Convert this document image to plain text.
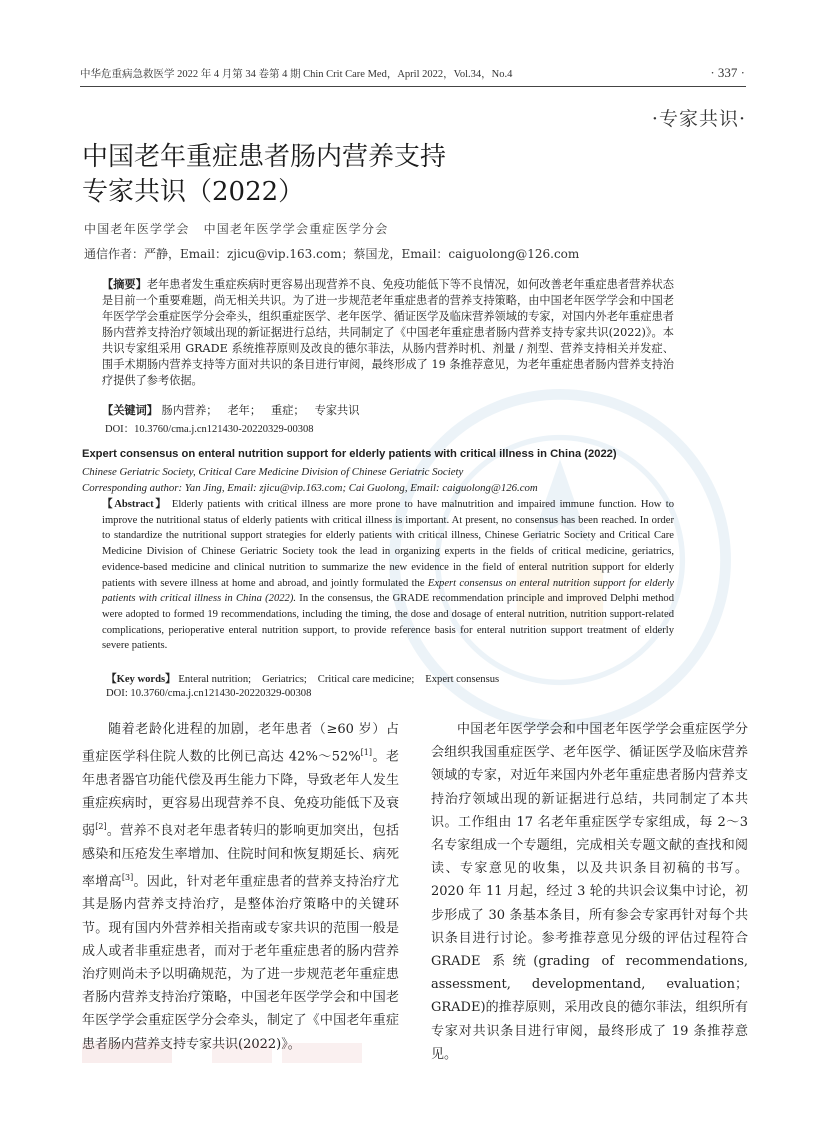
中华危重病急救医学 2022 年 4 月第 34 卷第 4 期 Chin Crit Care Med，April 2022，Vol.34，No.4	· 337 ·
·专家共识·
中国老年重症患者肠内营养支持
专家共识（2022）
中国老年医学学会 中国老年医学学会重症医学分会
通信作者：严静，Email：zjicu@vip.163.com；蔡国龙，Email：caiguolong@126.com
【摘要】老年患者发生重症疾病时更容易出现营养不良、免疫功能低下等不良情况，如何改善老年重症患者营养状态是目前一个重要难题，尚无相关共识。为了进一步规范老年重症患者的营养支持策略，由中国老年医学学会和中国老年医学学会重症医学分会牵头，组织重症医学、老年医学、循证医学及临床营养领域的专家，对国内外老年重症患者肠内营养支持治疗领域出现的新证据进行总结，共同制定了《中国老年重症患者肠内营养支持专家共识(2022)》。本共识专家组采用 GRADE 系统推荐原则及改良的德尔菲法，从肠内营养时机、剂量 / 剂型、营养支持相关并发症、围手术期肠内营养支持等方面对共识的条目进行审阅，最终形成了 19 条推荐意见，为老年重症患者肠内营养支持治疗提供了参考依据。
【关键词】 肠内营养； 老年； 重症； 专家共识
DOI：10.3760/cma.j.cn121430-20220329-00308
Expert consensus on enteral nutrition support for elderly patients with critical illness in China (2022)
Chinese Geriatric Society, Critical Care Medicine Division of Chinese Geriatric Society
Corresponding author: Yan Jing, Email: zjicu@vip.163.com; Cai Guolong, Email: caiguolong@126.com
【Abstract】 Elderly patients with critical illness are more prone to have malnutrition and impaired immune function. How to improve the nutritional status of elderly patients with critical illness is important. At present, no consensus has been reached. In order to standardize the nutritional support strategies for elderly patients with critical illness, Chinese Geriatric Society and Critical Care Medicine Division of Chinese Geriatric Society took the lead in organizing experts in the fields of critical medicine, geriatrics, evidence-based medicine and clinical nutrition to summarize the new evidence in the field of enteral nutrition support for elderly patients with severe illness at home and abroad, and jointly formulated the Expert consensus on enteral nutrition support for elderly patients with critical illness in China (2022). In the consensus, the GRADE recommendation principle and improved Delphi method were adopted to formed 19 recommendations, including the timing, the dose and dosage of enteral nutrition, nutrition support-related complications, perioperative enteral nutrition support, to provide reference basis for enteral nutrition support treatment of elderly severe patients.
【Key words】 Enteral nutrition; Geriatrics; Critical care medicine; Expert consensus
DOI: 10.3760/cma.j.cn121430-20220329-00308

随着老龄化进程的加剧，老年患者（≥60 岁）占重症医学科住院人数的比例已高达 42%～52%[1]。老年患者器官功能代偿及再生能力下降，导致老年人发生重症疾病时，更容易出现营养不良、免疫功能低下及衰弱[2]。营养不良对老年患者转归的影响更加突出，包括感染和压疮发生率增加、住院时间和恢复期延长、病死率增高[3]。因此，针对老年重症患者的营养支持治疗尤其是肠内营养支持治疗，是整体治疗策略中的关键环节。现有国内外营养相关指南或专家共识的范围一般是成人或者非重症患者，而对于老年重症患者的肠内营养治疗则尚未予以明确规范，为了进一步规范老年重症患者肠内营养支持治疗策略，中国老年医学学会和中国老年医学学会重症医学分会牵头，制定了《中国老年重症患者肠内营养支持专家共识(2022)》。

中国老年医学学会和中国老年医学学会重症医学分会组织我国重症医学、老年医学、循证医学及临床营养领域的专家，对近年来国内外老年重症患者肠内营养支持治疗领域出现的新证据进行总结，共同制定了本共识。工作组由 17 名老年重症医学专家组成，每 2～3 名专家组成一个专题组，完成相关专题文献的查找和阅读、专家意见的收集，以及共识条目初稿的书写。2020 年 11 月起，经过 3 轮的共识会议集中讨论，初步形成了 30 条基本条目，所有参会专家再针对每个共识条目进行讨论。参考推荐意见分级的评估过程符合 GRADE 系统(grading of recommendations, assessment, developmentand, evaluation；GRADE)的推荐原则，采用改良的德尔菲法，组织所有专家对共识条目进行审阅，最终形成了 19 条推荐意见。
